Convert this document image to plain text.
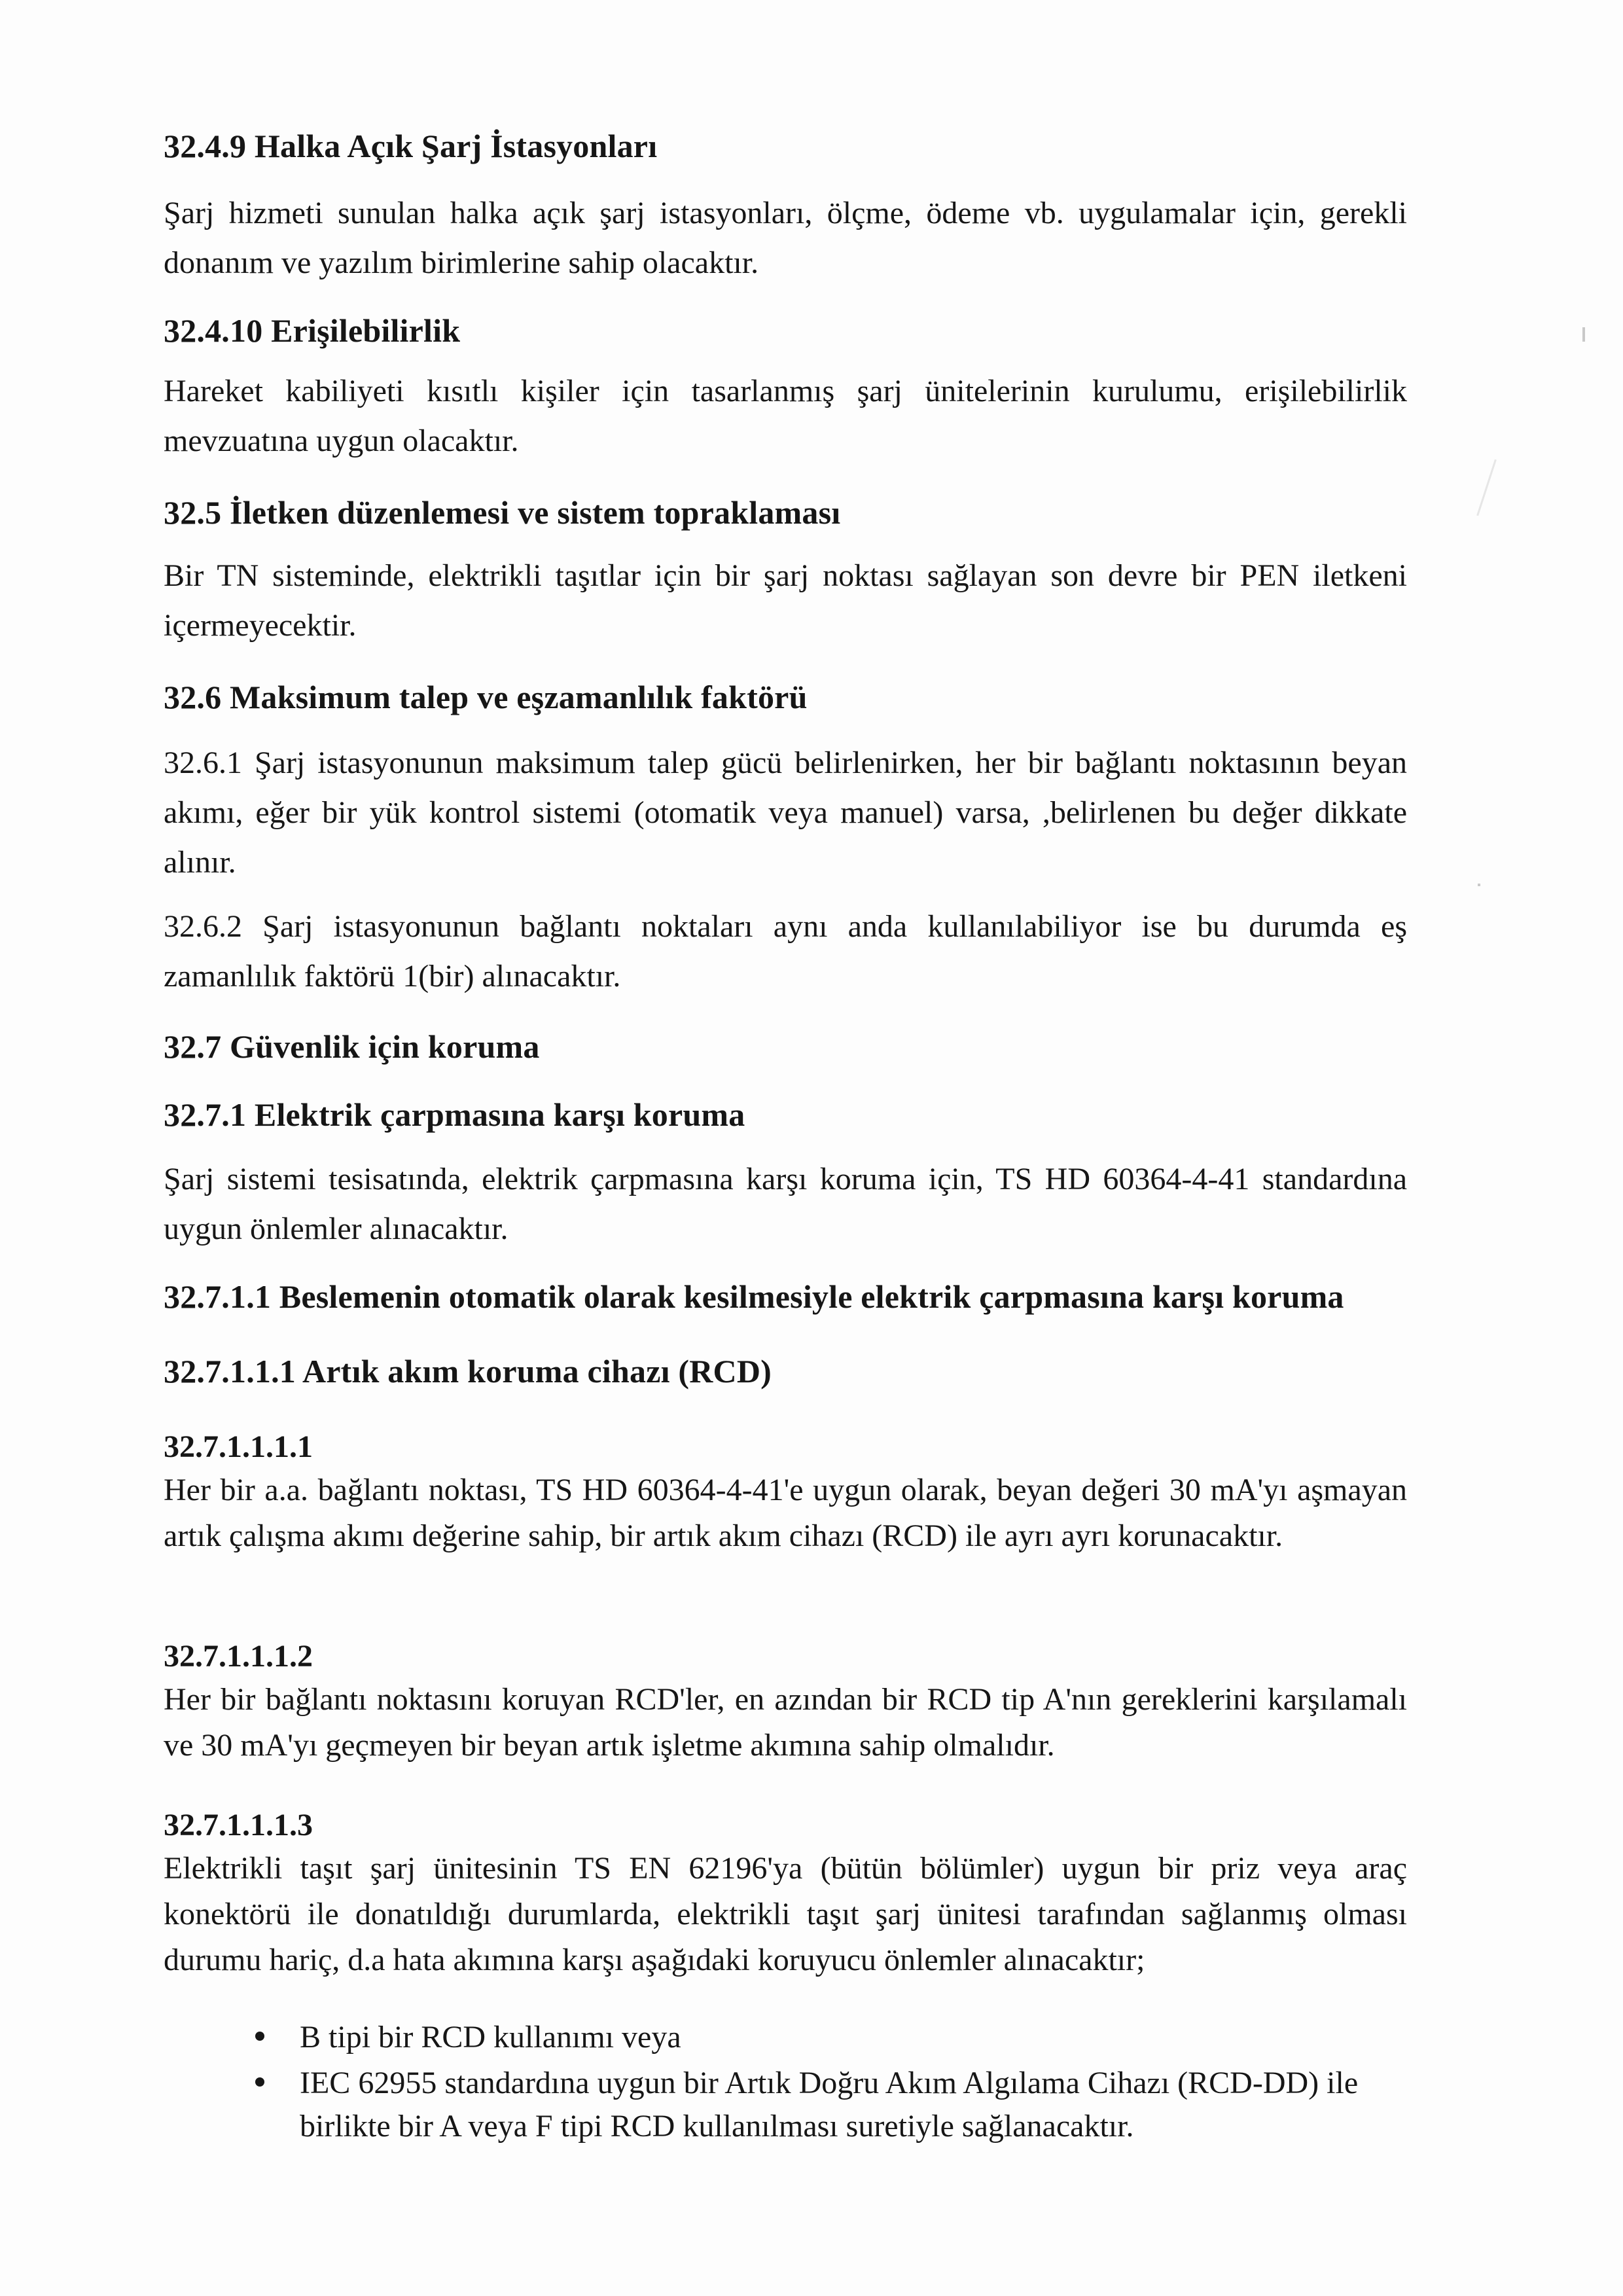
32.4.9 Halka Açık Şarj İstasyonları

Şarj hizmeti sunulan halka açık şarj istasyonları, ölçme, ödeme vb. uygulamalar için, gerekli donanım ve yazılım birimlerine sahip olacaktır.

32.4.10 Erişilebilirlik

Hareket kabiliyeti kısıtlı kişiler için tasarlanmış şarj ünitelerinin kurulumu, erişilebilirlik mevzuatına uygun olacaktır.

32.5 İletken düzenlemesi ve sistem topraklaması

Bir TN sisteminde, elektrikli taşıtlar için bir şarj noktası sağlayan son devre bir PEN iletkeni içermeyecektir.

32.6 Maksimum talep ve eşzamanlılık faktörü

32.6.1 Şarj istasyonunun maksimum talep gücü belirlenirken, her bir bağlantı noktasının beyan akımı, eğer bir yük kontrol sistemi (otomatik veya manuel) varsa, ,belirlenen bu değer dikkate alınır.

32.6.2 Şarj istasyonunun bağlantı noktaları aynı anda kullanılabiliyor ise bu durumda eş zamanlılık faktörü 1(bir) alınacaktır.

32.7 Güvenlik için koruma
32.7.1 Elektrik çarpmasına karşı koruma

Şarj sistemi tesisatında, elektrik çarpmasına karşı koruma için, TS HD 60364-4-41 standardına uygun önlemler alınacaktır.

32.7.1.1 Beslemenin otomatik olarak kesilmesiyle elektrik çarpmasına karşı koruma
32.7.1.1.1 Artık akım koruma cihazı (RCD)

32.7.1.1.1.1

Her bir a.a. bağlantı noktası, TS HD 60364-4-41'e uygun olarak, beyan değeri 30 mA'yı aşmayan artık çalışma akımı değerine sahip, bir artık akım cihazı (RCD) ile ayrı ayrı korunacaktır.

32.7.1.1.1.2

Her bir bağlantı noktasını koruyan RCD'ler, en azından bir RCD tip A'nın gereklerini karşılamalı ve 30 mA'yı geçmeyen bir beyan artık işletme akımına sahip olmalıdır.

32.7.1.1.1.3

Elektrikli taşıt şarj ünitesinin TS EN 62196'ya (bütün bölümler) uygun bir priz veya araç konektörü ile donatıldığı durumlarda, elektrikli taşıt şarj ünitesi tarafından sağlanmış olması durumu hariç, d.a hata akımına karşı aşağıdaki koruyucu önlemler alınacaktır;

B tipi bir RCD kullanımı veya
IEC 62955 standardına uygun bir Artık Doğru Akım Algılama Cihazı (RCD-DD) ile birlikte bir A veya F tipi RCD kullanılması suretiyle sağlanacaktır.
